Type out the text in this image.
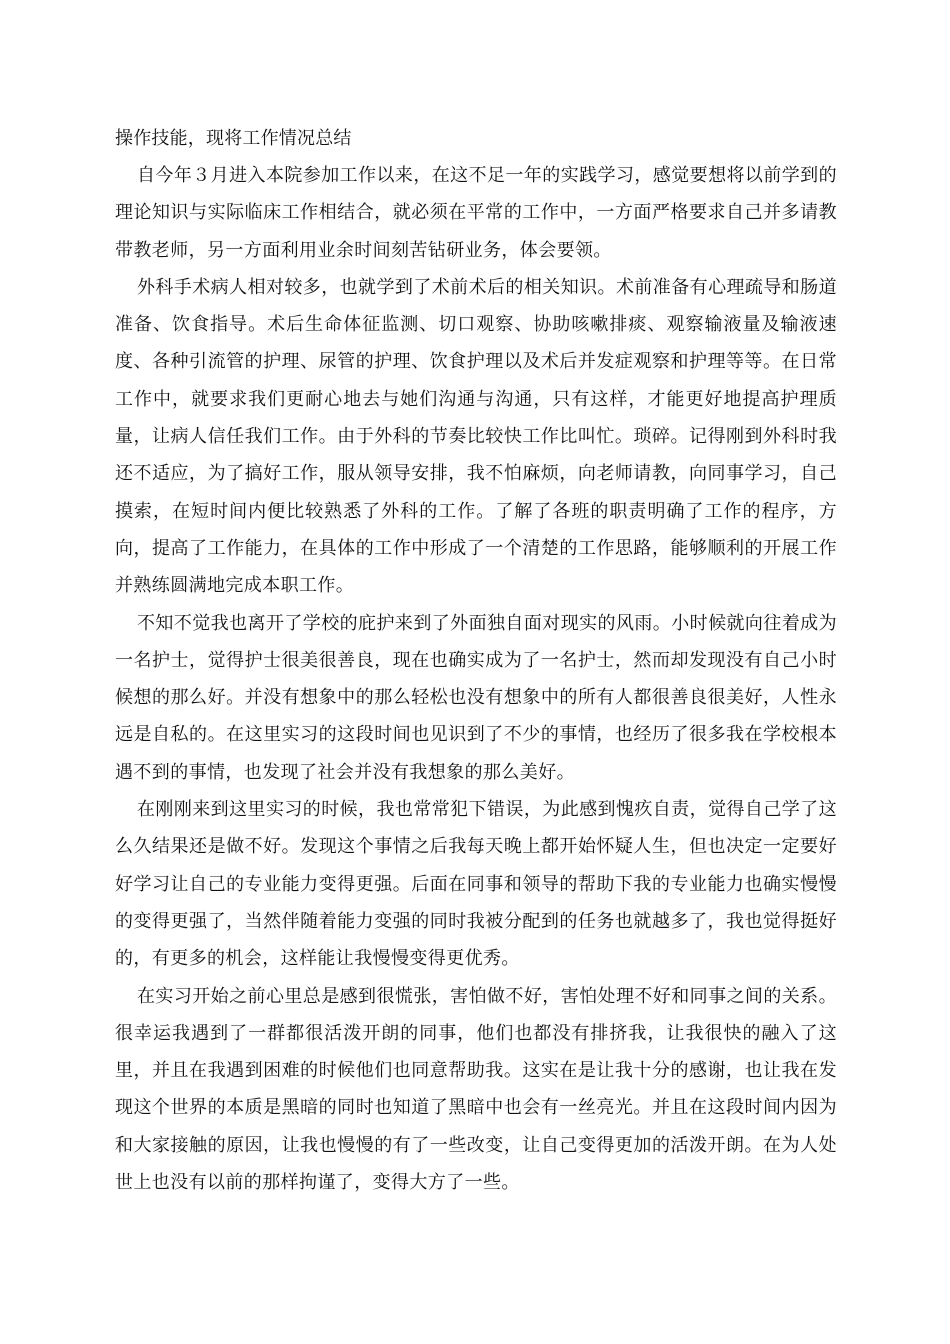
操作技能，现将工作情况总结

自今年３月进入本院参加工作以来，在这不足一年的实践学习，感觉要想将以前学到的理论知识与实际临床工作相结合，就必须在平常的工作中，一方面严格要求自己并多请教带教老师，另一方面利用业余时间刻苦钻研业务，体会要领。

外科手术病人相对较多，也就学到了术前术后的相关知识。术前准备有心理疏导和肠道准备、饮食指导。术后生命体征监测、切口观察、协助咳嗽排痰、观察输液量及输液速度、各种引流管的护理、尿管的护理、饮食护理以及术后并发症观察和护理等等。在日常工作中，就要求我们更耐心地去与她们沟通与沟通，只有这样，才能更好地提高护理质量，让病人信任我们工作。由于外科的节奏比较快工作比叫忙。琐碎。记得刚到外科时我还不适应，为了搞好工作，服从领导安排，我不怕麻烦，向老师请教，向同事学习，自己摸索，在短时间内便比较熟悉了外科的工作。了解了各班的职责明确了工作的程序，方向，提高了工作能力，在具体的工作中形成了一个清楚的工作思路，能够顺利的开展工作并熟练圆满地完成本职工作。

不知不觉我也离开了学校的庇护来到了外面独自面对现实的风雨。小时候就向往着成为一名护士，觉得护士很美很善良，现在也确实成为了一名护士，然而却发现没有自己小时候想的那么好。并没有想象中的那么轻松也没有想象中的所有人都很善良很美好，人性永远是自私的。在这里实习的这段时间也见识到了不少的事情，也经历了很多我在学校根本遇不到的事情，也发现了社会并没有我想象的那么美好。

在刚刚来到这里实习的时候，我也常常犯下错误，为此感到愧疚自责，觉得自己学了这么久结果还是做不好。发现这个事情之后我每天晚上都开始怀疑人生，但也决定一定要好好学习让自己的专业能力变得更强。后面在同事和领导的帮助下我的专业能力也确实慢慢的变得更强了，当然伴随着能力变强的同时我被分配到的任务也就越多了，我也觉得挺好的，有更多的机会，这样能让我慢慢变得更优秀。

在实习开始之前心里总是感到很慌张，害怕做不好，害怕处理不好和同事之间的关系。很幸运我遇到了一群都很活泼开朗的同事，他们也都没有排挤我，让我很快的融入了这里，并且在我遇到困难的时候他们也同意帮助我。这实在是让我十分的感谢，也让我在发现这个世界的本质是黑暗的同时也知道了黑暗中也会有一丝亮光。并且在这段时间内因为和大家接触的原因，让我也慢慢的有了一些改变，让自己变得更加的活泼开朗。在为人处世上也没有以前的那样拘谨了，变得大方了一些。
